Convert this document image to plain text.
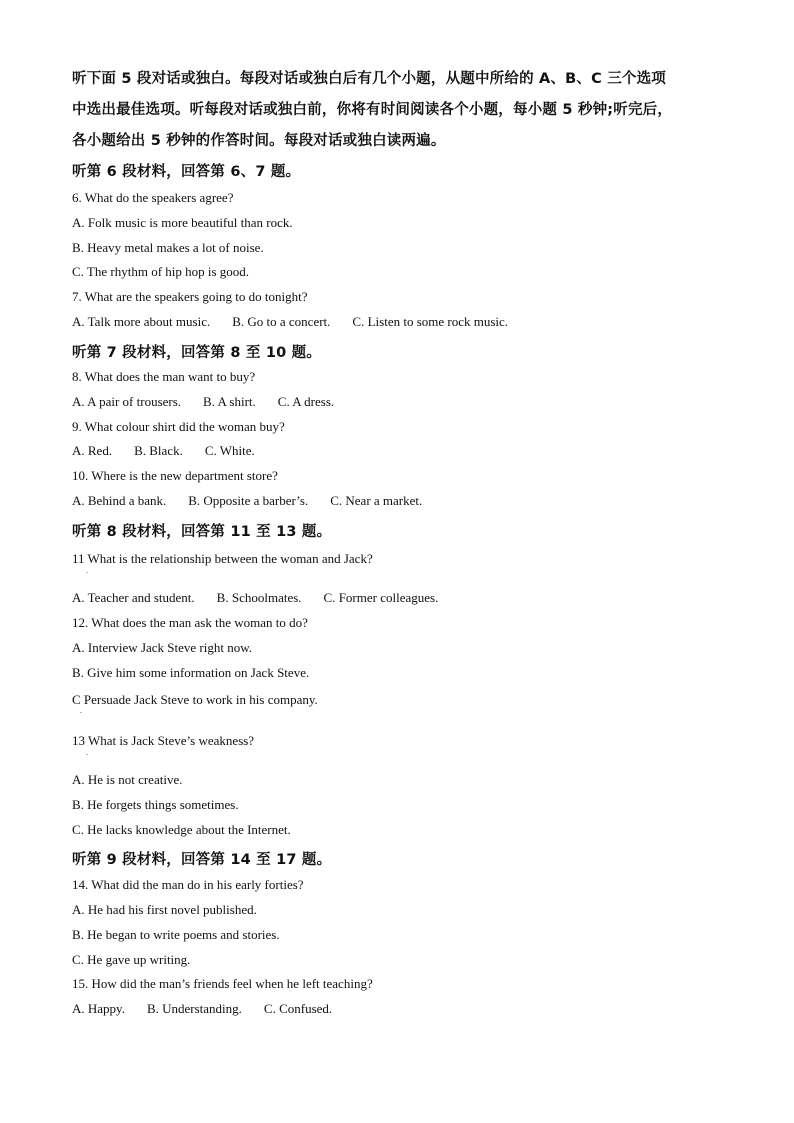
听下面 5 段对话或独白。每段对话或独白后有几个小题，从题中所给的 A、B、C 三个选项
中选出最佳选项。听每段对话或独白前，你将有时间阅读各个小题，每小题 5 秒钟;听完后，
各小题给出 5 秒钟的作答时间。每段对话或独白读两遍。
听第 6 段材料，回答第 6、7 题。
6. What do the speakers agree?
A. Folk music is more beautiful than rock.
B. Heavy metal makes a lot of noise.
C. The rhythm of hip hop is good.
7. What are the speakers going to do tonight?
A. Talk more about music. B. Go to a concert. C. Listen to some rock music.
听第 7 段材料，回答第 8 至 10 题。
8. What does the man want to buy?
A. A pair of trousers. B. A shirt. C. A dress.
9. What colour shirt did the woman buy?
A. Red. B. Black. C. White.
10. Where is the new department store?
A. Behind a bank. B. Opposite a barber’s. C. Near a market.
听第 8 段材料，回答第 11 至 13 题。
11 What is the relationship between the woman and Jack?
.
A. Teacher and student. B. Schoolmates. C. Former colleagues.
12. What does the man ask the woman to do?
A. Interview Jack Steve right now.
B. Give him some information on Jack Steve.
C Persuade Jack Steve to work in his company.
.
13 What is Jack Steve’s weakness?
.
A. He is not creative.
B. He forgets things sometimes.
C. He lacks knowledge about the Internet.
听第 9 段材料，回答第 14 至 17 题。
14. What did the man do in his early forties?
A. He had his first novel published.
B. He began to write poems and stories.
C. He gave up writing.
15. How did the man’s friends feel when he left teaching?
A. Happy. B. Understanding. C. Confused.
